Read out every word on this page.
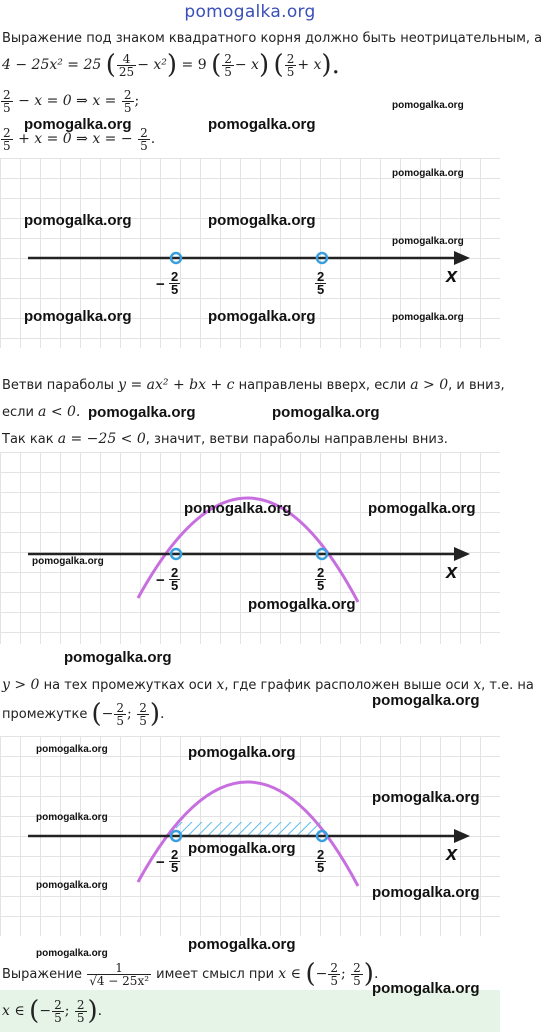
pomogalka.org
Выражение под знаком квадратного корня должно быть неотрицательным, а
4 − 25x² = 25 ( $\frac{4}{25} - x^2) = 9$ ( $\frac{2}{5} - x$) ( $\frac{2}{5} + x$).
$\frac{2}{5} - x = 0$ ⇒ $x = \frac{2}{5}$ ;
$\frac{2}{5} + x = 0$ ⇒ x = − $\frac{2}{5}$ .
x
− $\frac{2}{5}$	$\frac{2}{5}$
Ветви параболы y = ax² + bx + c направлены вверх, если a > 0, и вниз,
если a < 0.
Так как a = −25 < 0, значит, ветви параболы направлены вниз.
x
− $\frac{2}{5}$	$\frac{2}{5}$
y > 0 на тех промежутках оси x, где график расположен выше оси x, т.е. на
промежутке (− $\frac{2}{5}$ ; $\frac{2}{5}$ ).
x
− $\frac{2}{5}$	$\frac{2}{5}$
Выражение $\frac{1}{\text{√4 − 25x²}}$ имеет смысл при x ∈ (− $\frac{2}{5}$ ; $\frac{2}{5}$ ).
x ∈ (− $\frac{2}{5}$ ; $\frac{2}{5}$ ).
pomogalka.org
pomogalka.org	pomogalka.org
pomogalka.org
pomogalka.org	pomogalka.org
pomogalka.org
pomogalka.org	pomogalka.org	pomogalka.org
pomogalka.org	pomogalka.org
pomogalka.org	pomogalka.org
pomogalka.org
pomogalka.org
pomogalka.org
pomogalka.org
pomogalka.org	pomogalka.org
pomogalka.org
pomogalka.org
pomogalka.org
pomogalka.org	pomogalka.org
pomogalka.org
pomogalka.org
pomogalka.org
